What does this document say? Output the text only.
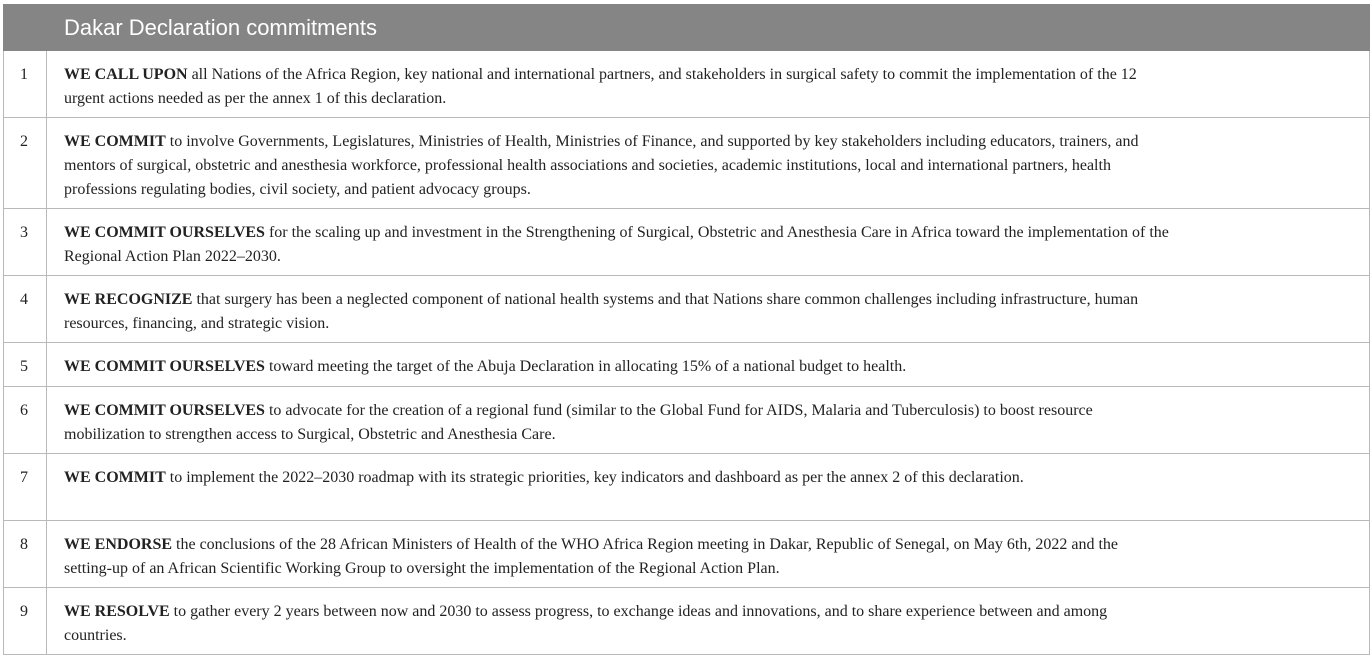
	Dakar Declaration commitments
1	WE CALL UPON all Nations of the Africa Region, key national and international partners, and stakeholders in surgical safety to commit the implementation of the 12 urgent actions needed as per the annex 1 of this declaration.
2	WE COMMIT to involve Governments, Legislatures, Ministries of Health, Ministries of Finance, and supported by key stakeholders including educators, trainers, and mentors of surgical, obstetric and anesthesia workforce, professional health associations and societies, academic institutions, local and international partners, health professions regulating bodies, civil society, and patient advocacy groups.
3	WE COMMIT OURSELVES for the scaling up and investment in the Strengthening of Surgical, Obstetric and Anesthesia Care in Africa toward the implementation of the Regional Action Plan 2022–2030.
4	WE RECOGNIZE that surgery has been a neglected component of national health systems and that Nations share common challenges including infrastructure, human resources, financing, and strategic vision.
5	WE COMMIT OURSELVES toward meeting the target of the Abuja Declaration in allocating 15% of a national budget to health.
6	WE COMMIT OURSELVES to advocate for the creation of a regional fund (similar to the Global Fund for AIDS, Malaria and Tuberculosis) to boost resource mobilization to strengthen access to Surgical, Obstetric and Anesthesia Care.
7	WE COMMIT to implement the 2022–2030 roadmap with its strategic priorities, key indicators and dashboard as per the annex 2 of this declaration.
8	WE ENDORSE the conclusions of the 28 African Ministers of Health of the WHO Africa Region meeting in Dakar, Republic of Senegal, on May 6th, 2022 and the setting-up of an African Scientific Working Group to oversight the implementation of the Regional Action Plan.
9	WE RESOLVE to gather every 2 years between now and 2030 to assess progress, to exchange ideas and innovations, and to share experience between and among countries.
